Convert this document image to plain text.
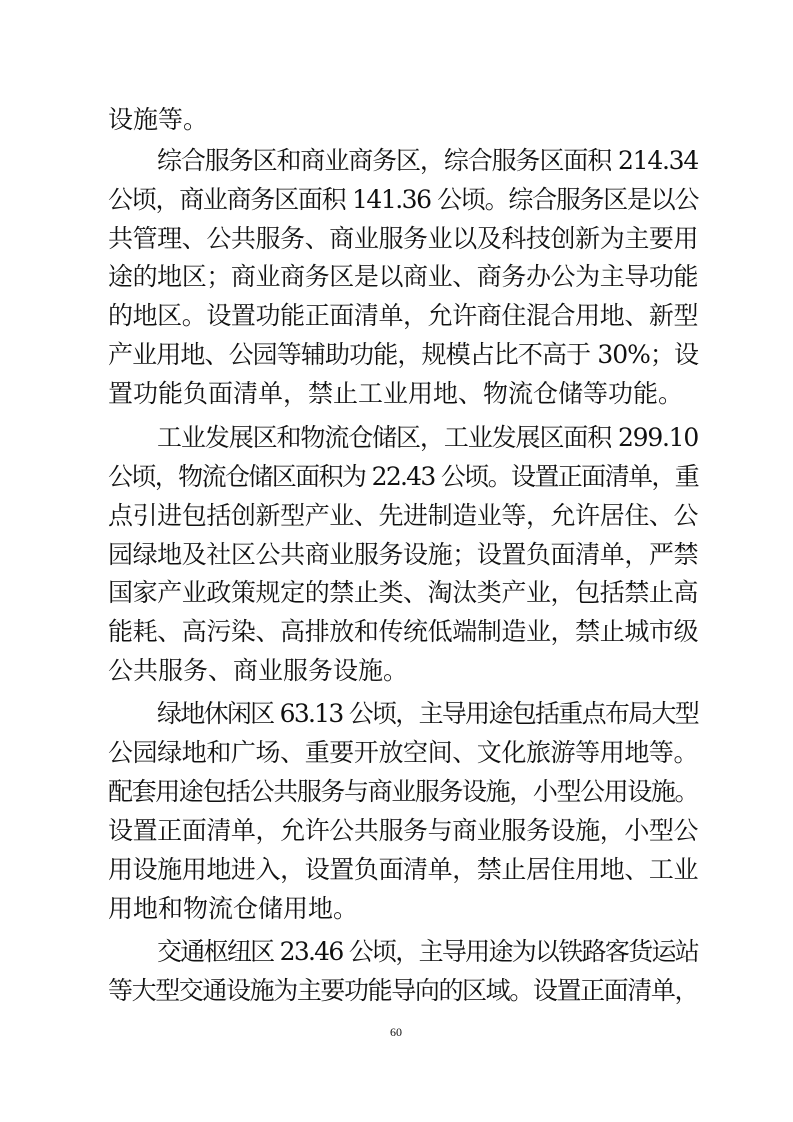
设施等。
综合服务区和商业商务区，综合服务区面积 214.34
公顷，商业商务区面积 141.36 公顷。综合服务区是以公
共管理、公共服务、商业服务业以及科技创新为主要用
途的地区；商业商务区是以商业、商务办公为主导功能
的地区。设置功能正面清单，允许商住混合用地、新型
产业用地、公园等辅助功能，规模占比不高于 30%；设
置功能负面清单，禁止工业用地、物流仓储等功能。
工业发展区和物流仓储区，工业发展区面积 299.10
公顷，物流仓储区面积为 22.43 公顷。设置正面清单，重
点引进包括创新型产业、先进制造业等，允许居住、公
园绿地及社区公共商业服务设施；设置负面清单，严禁
国家产业政策规定的禁止类、淘汰类产业，包括禁止高
能耗、高污染、高排放和传统低端制造业，禁止城市级
公共服务、商业服务设施。
绿地休闲区 63.13 公顷，主导用途包括重点布局大型
公园绿地和广场、重要开放空间、文化旅游等用地等。
配套用途包括公共服务与商业服务设施，小型公用设施。
设置正面清单，允许公共服务与商业服务设施，小型公
用设施用地进入，设置负面清单，禁止居住用地、工业
用地和物流仓储用地。
交通枢纽区 23.46 公顷，主导用途为以铁路客货运站
等大型交通设施为主要功能导向的区域。设置正面清单，
60
